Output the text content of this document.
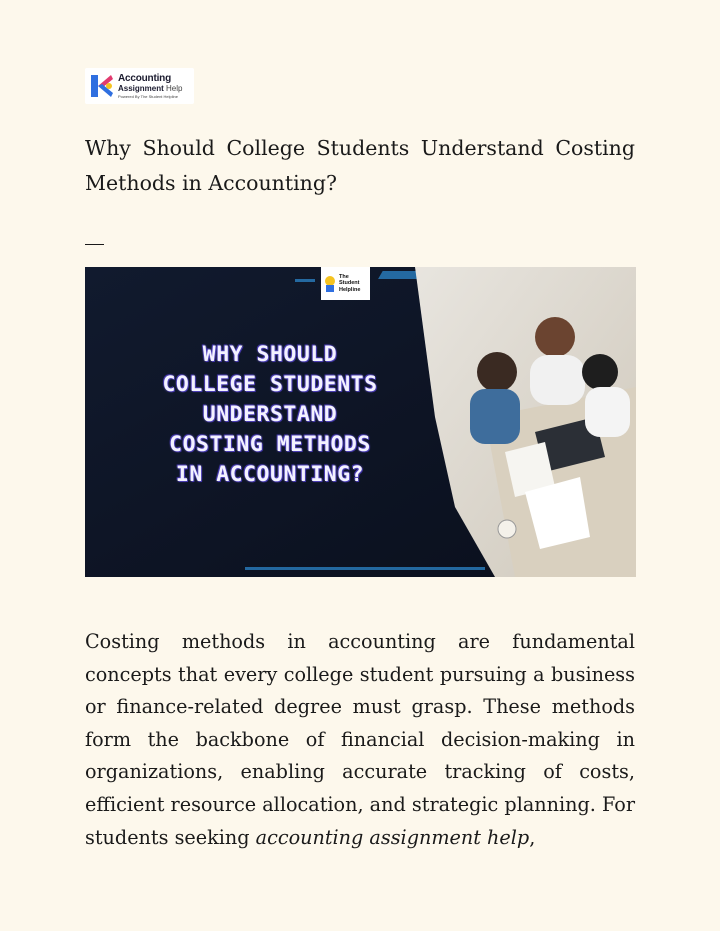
Accounting
Assignment Help
Powered By The Student Helpline
Why Should College Students Understand Costing Methods in Accounting?
The
Student
Helpline
WHY SHOULD
COLLEGE STUDENTS
UNDERSTAND
COSTING METHODS
IN ACCOUNTING?

Costing methods in accounting are fundamental concepts that every college student pursuing a business or finance-related degree must grasp. These methods form the backbone of financial decision-making in organizations, enabling accurate tracking of costs, efficient resource allocation, and strategic planning. For students seeking accounting assignment help,
